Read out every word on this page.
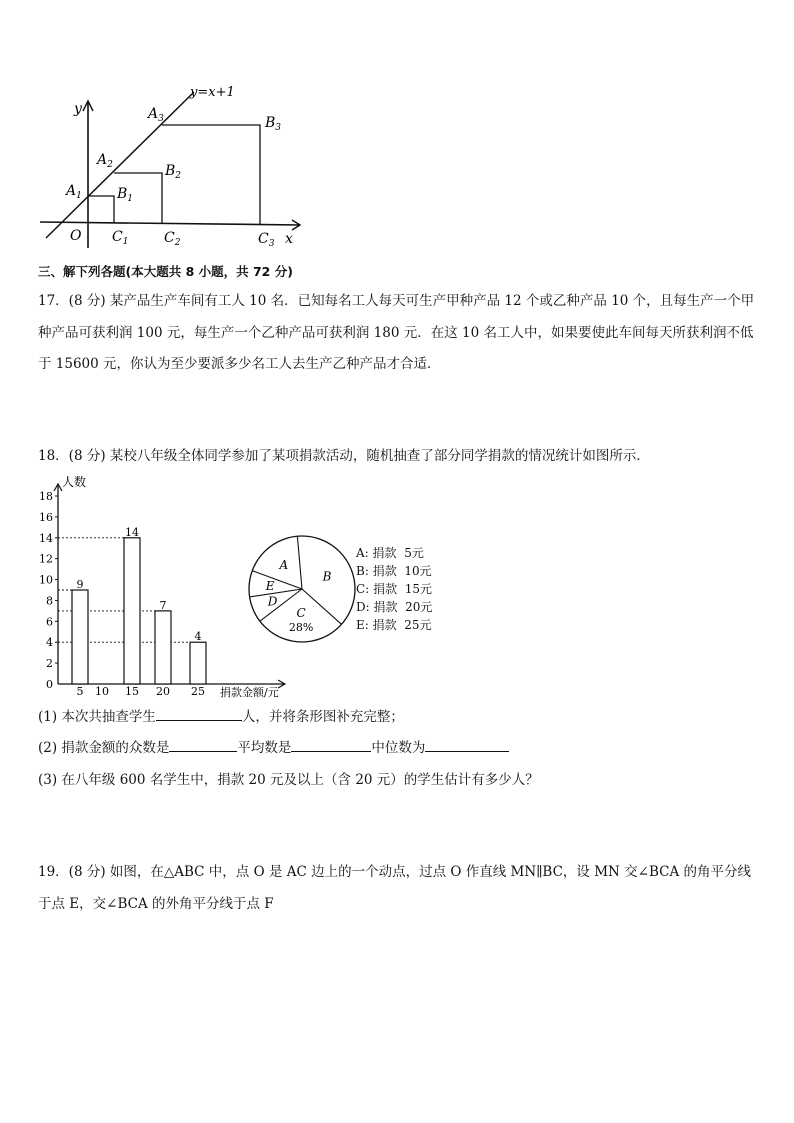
y=x+1
y
x
O
$A_1$
$A_2$
$A_3$
$B_1$
$B_2$
$B_3$
$C_1$	$C_2$	$C_3$
三、解下列各题(本大题共 8 小题，共 72 分)
17．(8 分) 某产品生产车间有工人 10 名．已知每名工人每天可生产甲种产品 12 个或乙种产品 10 个，且每生产一个甲
种产品可获利润 100 元，每生产一个乙种产品可获利润 180 元．在这 10 名工人中，如果要使此车间每天所获利润不低
于 15600 元，你认为至少要派多少名工人去生产乙种产品才合适．
18．(8 分) 某校八年级全体同学参加了某项捐款活动，随机抽查了部分同学捐款的情况统计如图所示．
人数
捐款金额/元
0
2
4
6
8
10
12
14
16
18
5 10 15 20 25
9
14
7
4
A
B
C
28%
D
E
A: 捐款 5元
B: 捐款 10元
C: 捐款 15元
D: 捐款 20元
E: 捐款 25元
(1) 本次共抽查学生	人，并将条形图补充完整；
(2) 捐款金额的众数是	平均数是	中位数为
(3) 在八年级 600 名学生中，捐款 20 元及以上（含 20 元）的学生估计有多少人？
19．(8 分) 如图，在△ABC 中，点 O 是 AC 边上的一个动点，过点 O 作直线 MN∥BC，设 MN 交∠BCA 的角平分线
于点 E，交∠BCA 的外角平分线于点 F
